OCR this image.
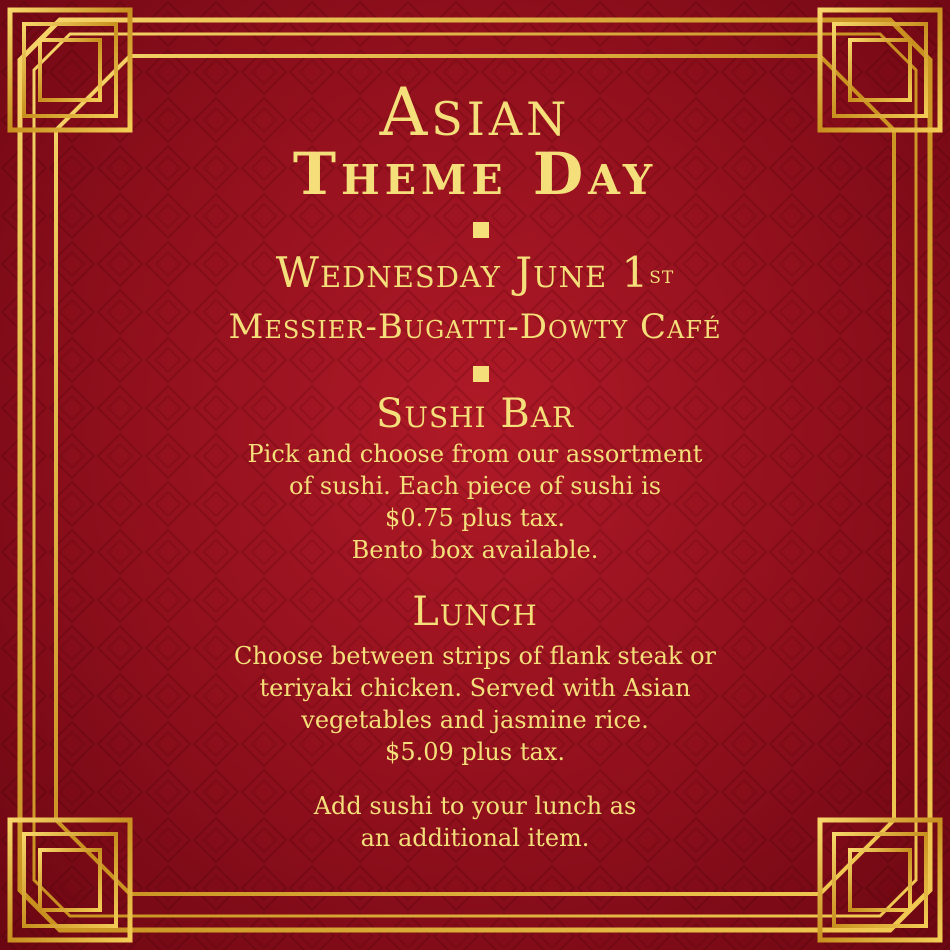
Asian
Theme Day
Wednesday June 1st
Messier-Bugatti-Dowty Café
Sushi Bar
Pick and choose from our assortment
of sushi. Each piece of sushi is
$0.75 plus tax.
Bento box available.
Lunch
Choose between strips of flank steak or
teriyaki chicken. Served with Asian
vegetables and jasmine rice.
$5.09 plus tax.
Add sushi to your lunch as
an additional item.
